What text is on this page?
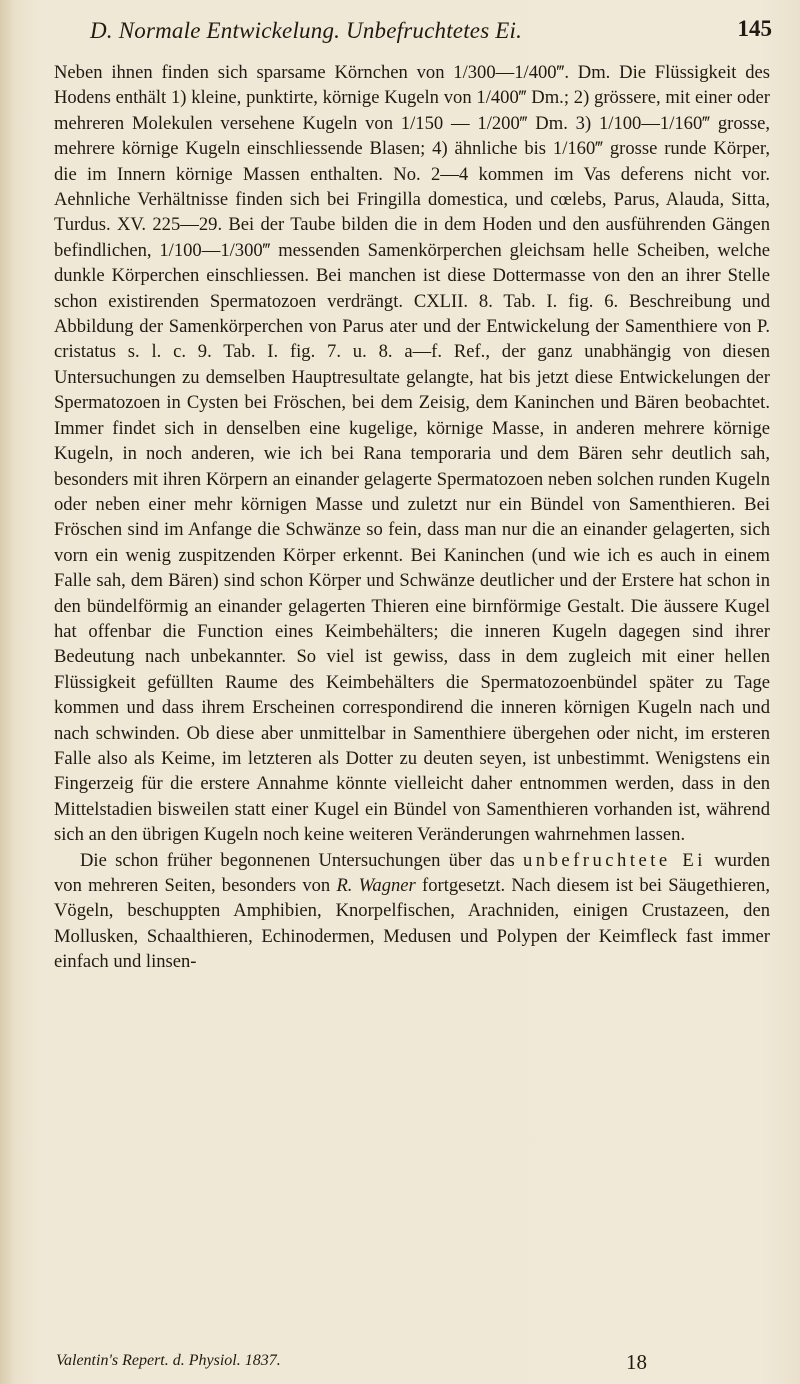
D. Normale Entwickelung. Unbefruchtetes Ei.	145

Neben ihnen finden sich sparsame Körnchen von 1/300—1/400‴. Dm. Die Flüssigkeit des Hodens enthält 1) kleine, punktirte, körnige Kugeln von 1/400‴ Dm.; 2) grössere, mit einer oder mehreren Molekulen versehene Kugeln von 1/150 — 1/200‴ Dm. 3) 1/100—1/160‴ grosse, mehrere körnige Kugeln einschliessende Blasen; 4) ähnliche bis 1/160‴ grosse runde Körper, die im Innern körnige Massen enthalten. No. 2—4 kommen im Vas deferens nicht vor. Aehnliche Verhältnisse finden sich bei Fringilla domestica, und cœlebs, Parus, Alauda, Sitta, Turdus. XV. 225—29. Bei der Taube bilden die in dem Hoden und den ausführenden Gängen befindlichen, 1/100—1/300‴ messenden Samenkörperchen gleichsam helle Scheiben, welche dunkle Körperchen einschliessen. Bei manchen ist diese Dottermasse von den an ihrer Stelle schon existirenden Spermatozoen verdrängt. CXLII. 8. Tab. I. fig. 6. Beschreibung und Abbildung der Samenkörperchen von Parus ater und der Entwickelung der Samenthiere von P. cristatus s. l. c. 9. Tab. I. fig. 7. u. 8. a—f. Ref., der ganz unabhängig von diesen Untersuchungen zu demselben Hauptresultate gelangte, hat bis jetzt diese Entwickelungen der Spermatozoen in Cysten bei Fröschen, bei dem Zeisig, dem Kaninchen und Bären beobachtet. Immer findet sich in denselben eine kugelige, körnige Masse, in anderen mehrere körnige Kugeln, in noch anderen, wie ich bei Rana temporaria und dem Bären sehr deutlich sah, besonders mit ihren Körpern an einander gelagerte Spermatozoen neben solchen runden Kugeln oder neben einer mehr körnigen Masse und zuletzt nur ein Bündel von Samenthieren. Bei Fröschen sind im Anfange die Schwänze so fein, dass man nur die an einander gelagerten, sich vorn ein wenig zuspitzenden Körper erkennt. Bei Kaninchen (und wie ich es auch in einem Falle sah, dem Bären) sind schon Körper und Schwänze deutlicher und der Erstere hat schon in den bündelförmig an einander gelagerten Thieren eine birnförmige Gestalt. Die äussere Kugel hat offenbar die Function eines Keimbehälters; die inneren Kugeln dagegen sind ihrer Bedeutung nach unbekannter. So viel ist gewiss, dass in dem zugleich mit einer hellen Flüssigkeit gefüllten Raume des Keimbehälters die Spermatozoenbündel später zu Tage kommen und dass ihrem Erscheinen correspondirend die inneren körnigen Kugeln nach und nach schwinden. Ob diese aber unmittelbar in Samenthiere übergehen oder nicht, im ersteren Falle also als Keime, im letzteren als Dotter zu deuten seyen, ist unbestimmt. Wenigstens ein Fingerzeig für die erstere Annahme könnte vielleicht daher entnommen werden, dass in den Mittelstadien bisweilen statt einer Kugel ein Bündel von Samenthieren vorhanden ist, während sich an den übrigen Kugeln noch keine weiteren Veränderungen wahrnehmen lassen.

Die schon früher begonnenen Untersuchungen über das unbefruchtete Ei wurden von mehreren Seiten, besonders von R. Wagner fortgesetzt. Nach diesem ist bei Säugethieren, Vögeln, beschuppten Amphibien, Knorpelfischen, Arachniden, einigen Crustazeen, den Mollusken, Schaalthieren, Echinodermen, Medusen und Polypen der Keimfleck fast immer einfach und linsen-

Valentin's Repert. d. Physiol. 1837.	18
